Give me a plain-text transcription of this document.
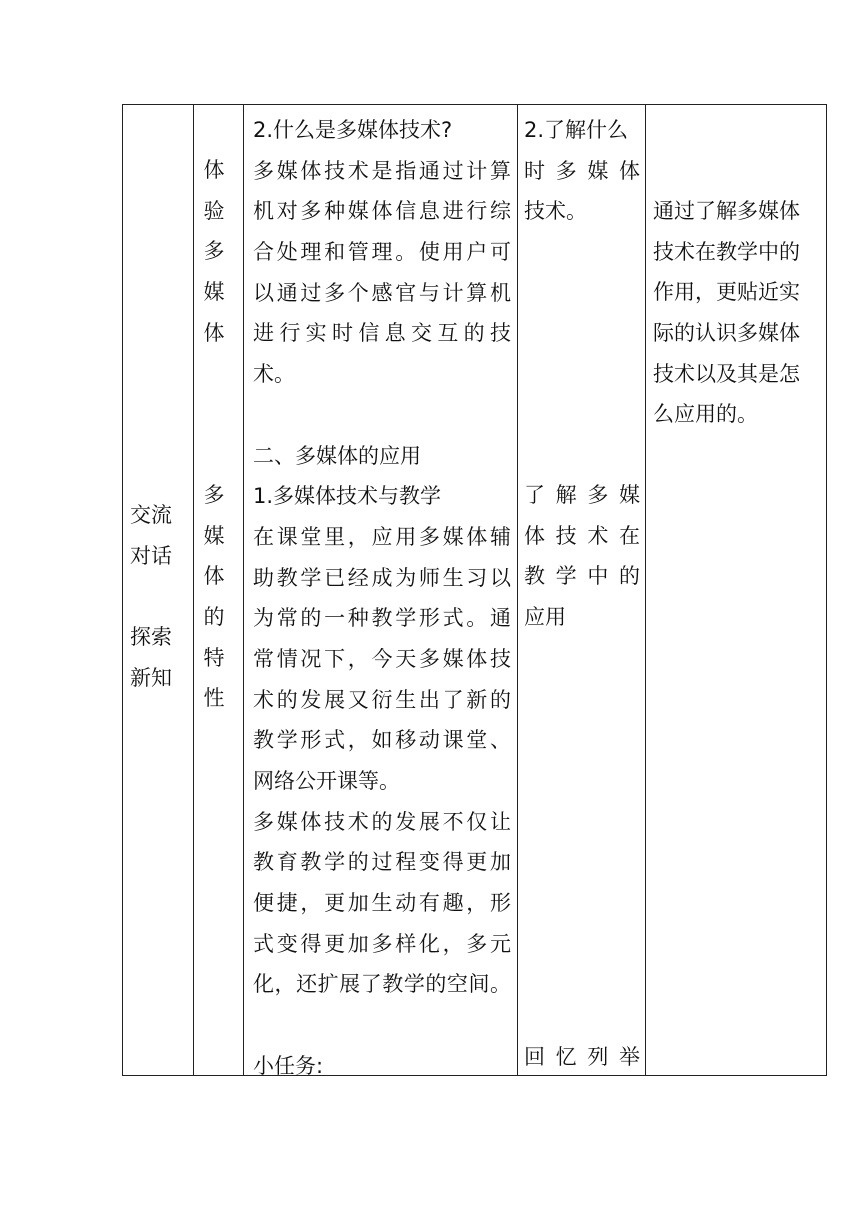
交流
对话
探索
新知
体
验
多
媒
体
多
媒
体
的
特
性
2.什么是多媒体技术?
多媒体技术是指通过计算
机对多种媒体信息进行综
合处理和管理。使用户可
以通过多个感官与计算机
进行实时信息交互的技
术。
二、多媒体的应用
1.多媒体技术与教学
在课堂里，应用多媒体辅
助教学已经成为师生习以
为常的一种教学形式。通
常情况下，今天多媒体技
术的发展又衍生出了新的
教学形式，如移动课堂、
网络公开课等。
多媒体技术的发展不仅让
教育教学的过程变得更加
便捷，更加生动有趣，形
式变得更加多样化，多元
化，还扩展了教学的空间。
小任务:
2.了解什么
时 多 媒 体
技术。
了 解 多 媒
体 技 术 在
教 学 中 的
应用
回 忆 列 举
通过了解多媒体
技术在教学中的
作用，更贴近实
际的认识多媒体
技术以及其是怎
么应用的。
